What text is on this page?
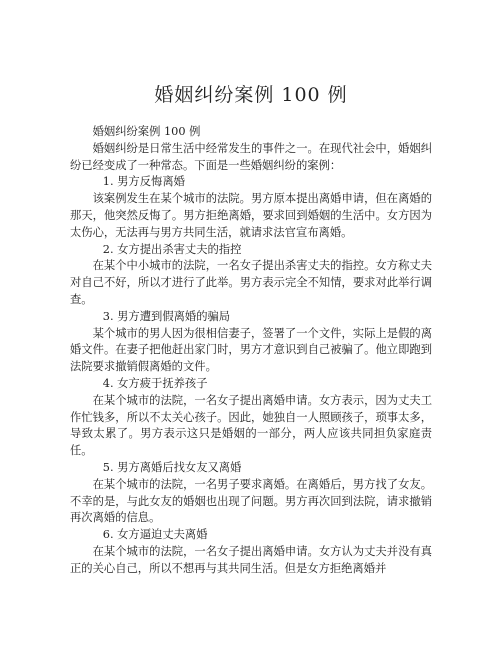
婚姻纠纷案例 100 例

婚姻纠纷案例 100 例

婚姻纠纷是日常生活中经常发生的事件之一。在现代社会中，婚姻纠纷已经变成了一种常态。下面是一些婚姻纠纷的案例：

1. 男方反悔离婚

该案例发生在某个城市的法院。男方原本提出离婚申请，但在离婚的那天，他突然反悔了。男方拒绝离婚，要求回到婚姻的生活中。女方因为太伤心，无法再与男方共同生活，就请求法官宣布离婚。

2. 女方提出杀害丈夫的指控

在某个中小城市的法院，一名女子提出杀害丈夫的指控。女方称丈夫对自己不好，所以才进行了此举。男方表示完全不知情，要求对此举行调查。

3. 男方遭到假离婚的骗局

某个城市的男人因为很相信妻子，签署了一个文件，实际上是假的离婚文件。在妻子把他赶出家门时，男方才意识到自己被骗了。他立即跑到法院要求撤销假离婚的文件。

4. 女方疲于抚养孩子

在某个城市的法院，一名女子提出离婚申请。女方表示，因为丈夫工作忙钱多，所以不太关心孩子。因此，她独自一人照顾孩子，琐事太多，导致太累了。男方表示这只是婚姻的一部分，两人应该共同担负家庭责任。

5. 男方离婚后找女友又离婚

在某个城市的法院，一名男子要求离婚。在离婚后，男方找了女友。不幸的是，与此女友的婚姻也出现了问题。男方再次回到法院，请求撤销再次离婚的信息。

6. 女方逼迫丈夫离婚

在某个城市的法院，一名女子提出离婚申请。女方认为丈夫并没有真正的关心自己，所以不想再与其共同生活。但是女方拒绝离婚并
